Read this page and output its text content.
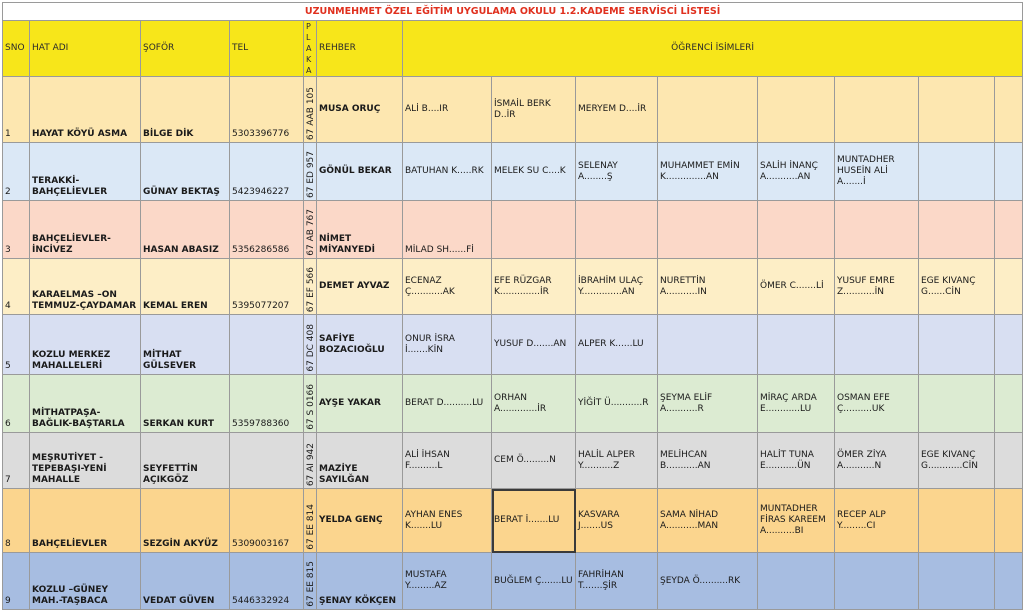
UZUNMEHMET ÖZEL EĞİTİM UYGULAMA OKULU 1.2.KADEME SERVİSCİ LİSTESİ													
SNO	HAT ADI	ŞOFÖR	TEL	PLAKA	REHBER	ÖĞRENCİ İSİMLERİ							
1	HAYAT KÖYÜ ASMA	BİLGE DİK	5303396776	67 AAB 105	MUSA ORUÇ	ALİ B....IR	İSMAİL BERK D..İR	MERYEM D....İR					
2	TERAKKİ-BAHÇELİEVLER	GÜNAY BEKTAŞ	5423946227	67 ED 957	GÖNÜL BEKAR	BATUHAN K.....RK	MELEK SU C....K	SELENAY A........Ş	MUHAMMET EMİN K..............AN	SALİH İNANÇ A...........AN	MUNTADHER HUSEİN ALİ A.......İ		
3	BAHÇELİEVLER-İNCİVEZ	HASAN ABASIZ	5356286586	67 AB 767	NİMET MİYANYEDİ	MİLAD SH......Fİ							
4	KARAELMAS –ON TEMMUZ-ÇAYDAMAR	KEMAL EREN	5395077207	67 EF 566	DEMET AYVAZ	ECENAZ Ç...........AK	EFE RÜZGAR K..............İR	İBRAHİM ULAÇ Y..............AN	NURETTİN A...........IN	ÖMER C.......Lİ	YUSUF EMRE Z...........İN	EGE KIVANÇ G......CİN	
5	KOZLU MERKEZ MAHALLELERİ	MİTHAT GÜLSEVER		67 DC 408	SAFİYE BOZACIOĞLU	ONUR İSRA İ.......KİN	YUSUF D.......AN	ALPER K......LU					
6	MİTHATPAŞA-BAĞLIK-BAŞTARLA	SERKAN KURT	5359788360	67 S 0166	AYŞE YAKAR	BERAT D..........LU	ORHAN A.............İR	YİĞİT Ü...........R	ŞEYMA ELİF A...........R	MİRAÇ ARDA E............LU	OSMAN EFE Ç..........UK		
7	MEŞRUTİYET -TEPEBAŞI-YENİ MAHALLE	SEYFETTİN AÇIKGÖZ		67 AI 942	MAZİYE SAYILĞAN	ALİ İHSAN F..........L	CEM Ö.........N	HALİL ALPER Y...........Z	MELİHCAN B...........AN	HALİT TUNA E...........ÜN	ÖMER ZİYA A...........N	EGE KIVANÇ G............CİN	
8	BAHÇELİEVLER	SEZGİN AKYÜZ	5309003167	67 EE 814	YELDA GENÇ	AYHAN ENES K.......LU	BERAT İ.......LU	KASVARA J.......US	SAMA NİHAD A...........MAN	MUNTADHER FİRAS KAREEM A..........BI	RECEP ALP Y.........CI		
9	KOZLU –GÜNEY MAH.-TAŞBACA	VEDAT GÜVEN	5446332924	67 EE 815	ŞENAY KÖKÇEN	MUSTAFA Y.........AZ	BUĞLEM Ç.......LU	FAHRİHAN T.......ŞİR	ŞEYDA Ö..........RK				
